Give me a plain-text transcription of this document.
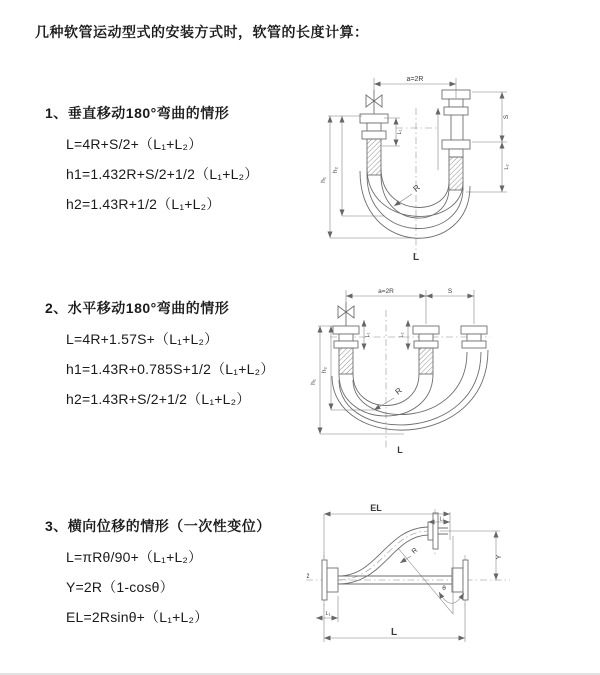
几种软管运动型式的安装方式时，软管的长度计算：
1、垂直移动180°弯曲的情形
L=4R+S/2+（L₁+L₂）
h1=1.432R+S/2+1/2（L₁+L₂）
h2=1.43R+1/2（L₁+L₂）
2、水平移动180°弯曲的情形
L=4R+1.57S+（L₁+L₂）
h1=1.43R+0.785S+1/2（L₁+L₂）
h2=1.43R+S/2+1/2（L₁+L₂）
3、横向位移的情形（一次性变位）
L=πRθ/90+（L₁+L₂）
Y=2R（1-cosθ）
EL=2Rsinθ+（L₁+L₂）
a=2R
h₁
h₂
L₁
S
L₂
R
L
a=2R	S
L₁	L₂
h₁
h₂
R
L
EL
L₁
Y
R
θ
L
L₁
z̄
